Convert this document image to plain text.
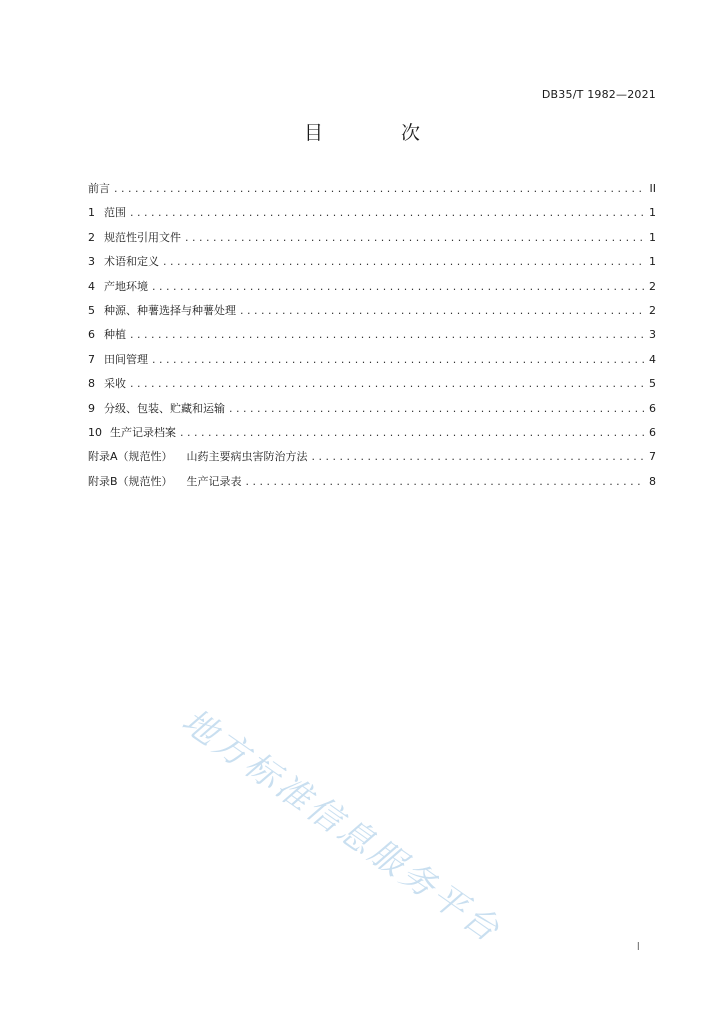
DB35/T 1982—2021
目 次
前言 . . .	II
1 范围 . . .	1
2 规范性引用文件 . . .	1
3 术语和定义 . . .	1
4 产地环境 . . .	2
5 种源、种薯选择与种薯处理 . . .	2
6 种植 . . .	3
7 田间管理 . . .	4
8 采收 . . .	5
9 分级、包装、贮藏和运输 . . .	6
10 生产记录档案 . . .	6
附录A（规范性） 山药主要病虫害防治方法 . . .	7
附录B（规范性） 生产记录表 . . .	8
地方标准信息服务平台	I
